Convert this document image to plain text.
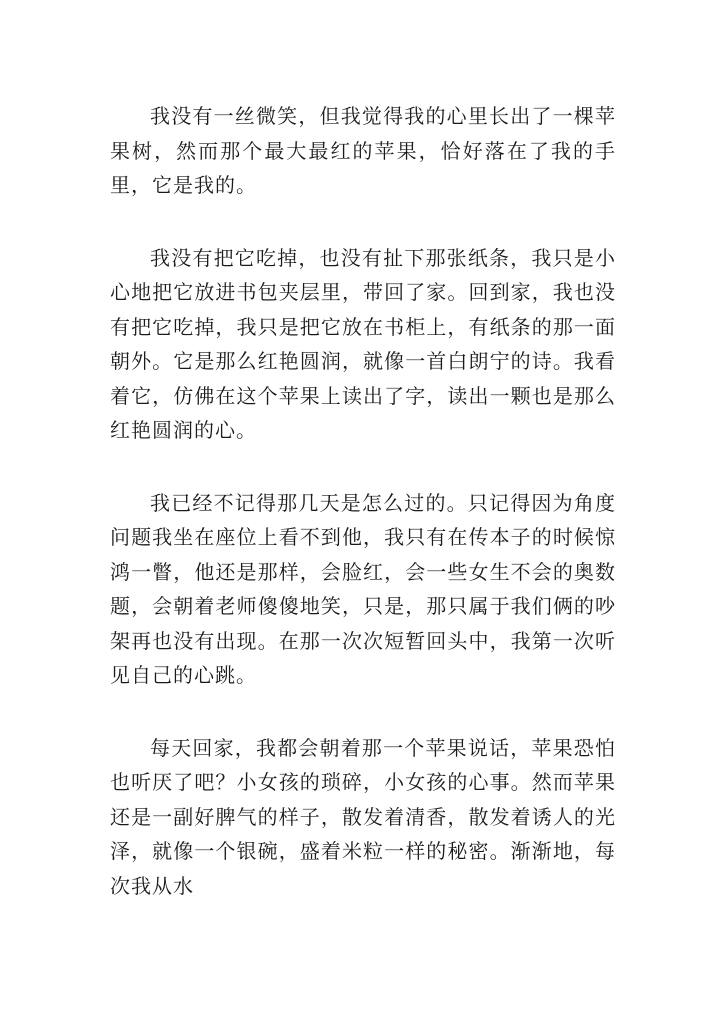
我没有一丝微笑，但我觉得我的心里长出了一棵苹果树，然而那个最大最红的苹果，恰好落在了我的手里，它是我的。

我没有把它吃掉，也没有扯下那张纸条，我只是小心地把它放进书包夹层里，带回了家。回到家，我也没有把它吃掉，我只是把它放在书柜上，有纸条的那一面朝外。它是那么红艳圆润，就像一首白朗宁的诗。我看着它，仿佛在这个苹果上读出了字，读出一颗也是那么红艳圆润的心。

我已经不记得那几天是怎么过的。只记得因为角度问题我坐在座位上看不到他，我只有在传本子的时候惊鸿一瞥，他还是那样，会脸红，会一些女生不会的奥数题，会朝着老师傻傻地笑，只是，那只属于我们俩的吵架再也没有出现。在那一次次短暂回头中，我第一次听见自己的心跳。

每天回家，我都会朝着那一个苹果说话，苹果恐怕也听厌了吧？小女孩的琐碎，小女孩的心事。然而苹果还是一副好脾气的样子，散发着清香，散发着诱人的光泽，就像一个银碗，盛着米粒一样的秘密。渐渐地，每次我从水
